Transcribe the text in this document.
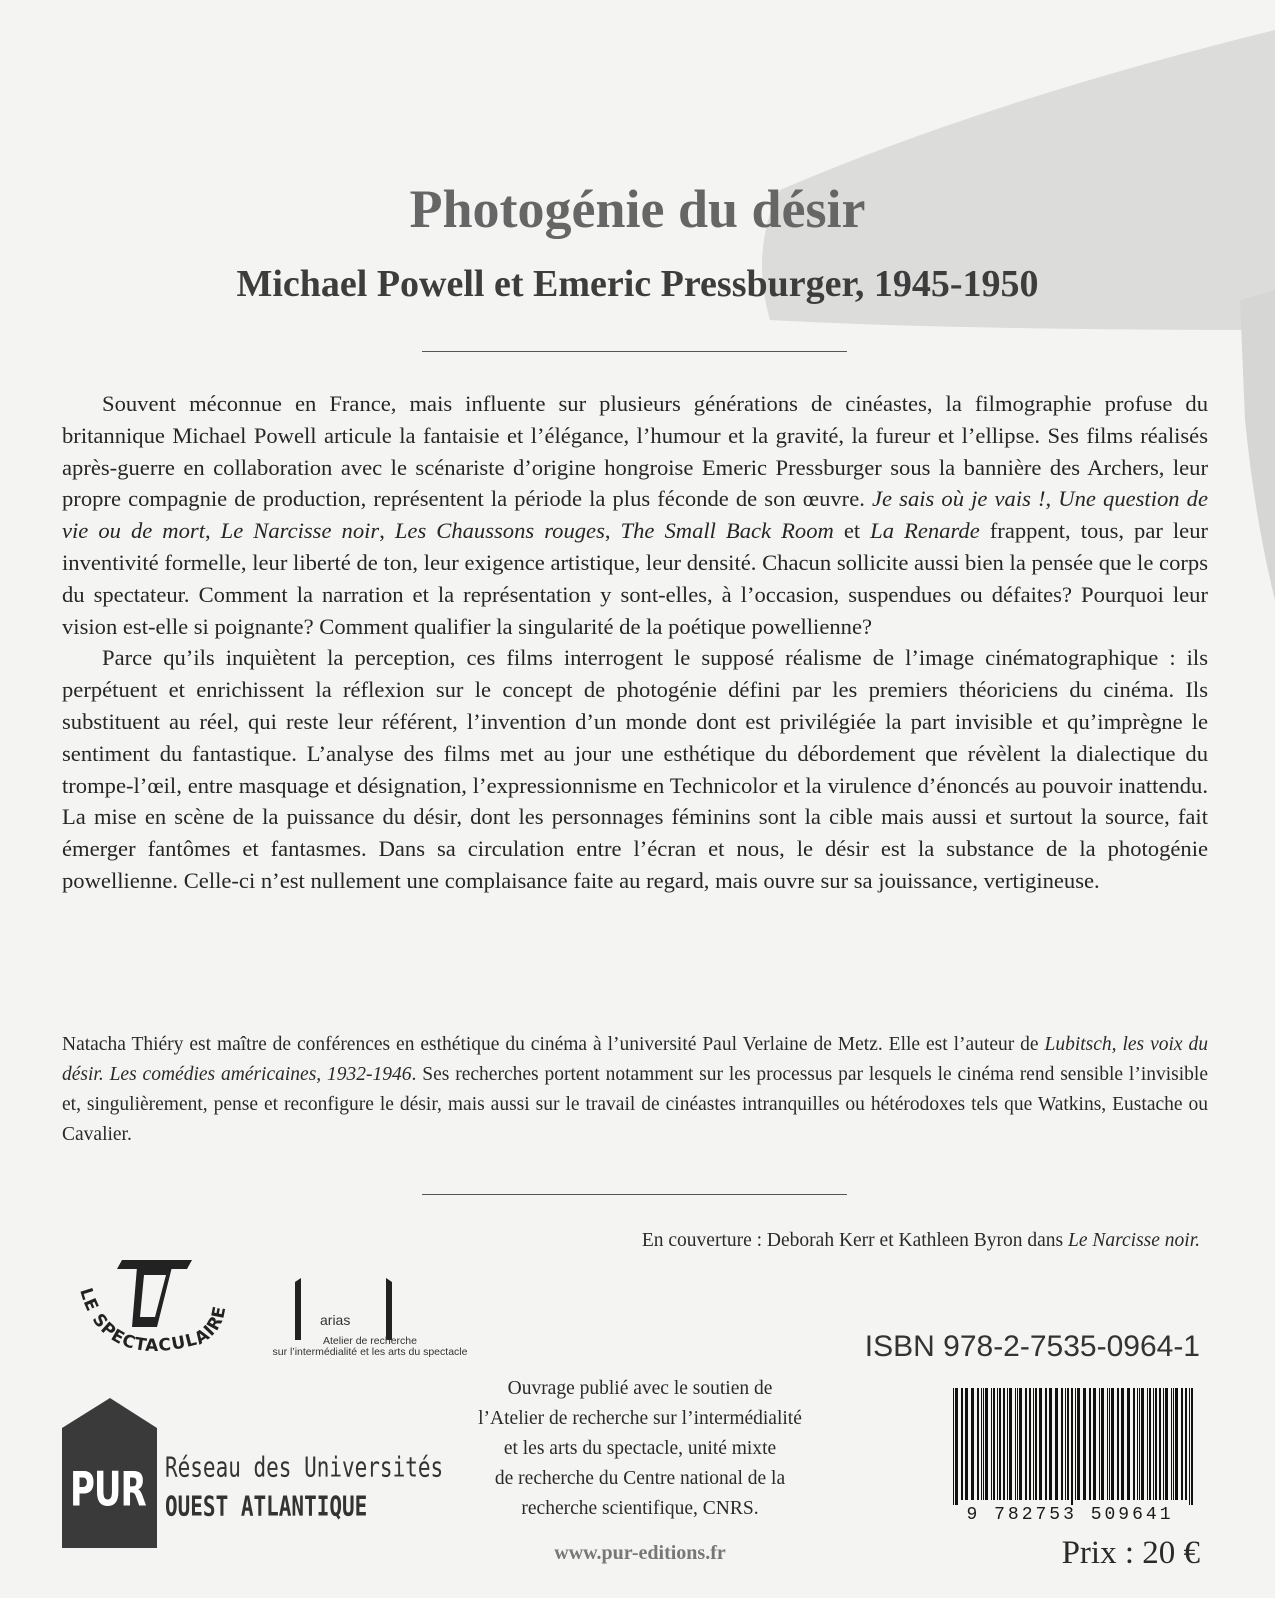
Photogénie du désir
Michael Powell et Emeric Pressburger, 1945-1950

Souvent méconnue en France, mais influente sur plusieurs générations de cinéastes, la filmographie profuse du britannique Michael Powell articule la fantaisie et l’élégance, l’humour et la gravité, la fureur et l’ellipse. Ses films réalisés après-guerre en collaboration avec le scénariste d’origine hongroise Emeric Pressburger sous la bannière des Archers, leur propre compagnie de production, représentent la période la plus féconde de son œuvre. Je sais où je vais !, Une question de vie ou de mort, Le Narcisse noir, Les Chaussons rouges, The Small Back Room et La Renarde frappent, tous, par leur inventivité formelle, leur liberté de ton, leur exigence artistique, leur densité. Chacun sollicite aussi bien la pensée que le corps du spectateur. Comment la narration et la représentation y sont-elles, à l’occasion, suspendues ou défaites? Pourquoi leur vision est-elle si poignante? Comment qualifier la singularité de la poétique powellienne?

Parce qu’ils inquiètent la perception, ces films interrogent le supposé réalisme de l’image cinématographique : ils perpétuent et enrichissent la réflexion sur le concept de photogénie défini par les premiers théoriciens du cinéma. Ils substituent au réel, qui reste leur référent, l’invention d’un monde dont est privilégiée la part invisible et qu’imprègne le sentiment du fantastique. L’analyse des films met au jour une esthétique du débordement que révèlent la dialectique du trompe-l’œil, entre masquage et désignation, l’expressionnisme en Technicolor et la virulence d’énoncés au pouvoir inattendu. La mise en scène de la puissance du désir, dont les personnages féminins sont la cible mais aussi et surtout la source, fait émerger fantômes et fantasmes. Dans sa circulation entre l’écran et nous, le désir est la substance de la photogénie powellienne. Celle-ci n’est nullement une complaisance faite au regard, mais ouvre sur sa jouissance, vertigineuse.

Natacha Thiéry est maître de conférences en esthétique du cinéma à l’université Paul Verlaine de Metz. Elle est l’auteur de Lubitsch, les voix du désir. Les comédies américaines, 1932-1946. Ses recherches portent notamment sur les processus par lesquels le cinéma rend sensible l’invisible et, singulièrement, pense et reconfigure le désir, mais aussi sur le travail de cinéastes intranquilles ou hétérodoxes tels que Watkins, Eustache ou Cavalier.
En couverture : Deborah Kerr et Kathleen Byron dans Le Narcisse noir.
LE SPECTACULAIRE	arias
Atelier de recherche
sur l’intermédialité et les arts du spectacle
PUR Réseau des Universités
OUEST ATLANTIQUE
ISBN 978-2-7535-0964-1
Ouvrage publié avec le soutien de
l’Atelier de recherche sur l’intermédialité
et les arts du spectacle, unité mixte
de recherche du Centre national de la
recherche scientifique, CNRS.	9 782753 509641
www.pur-editions.fr	Prix : 20 €
